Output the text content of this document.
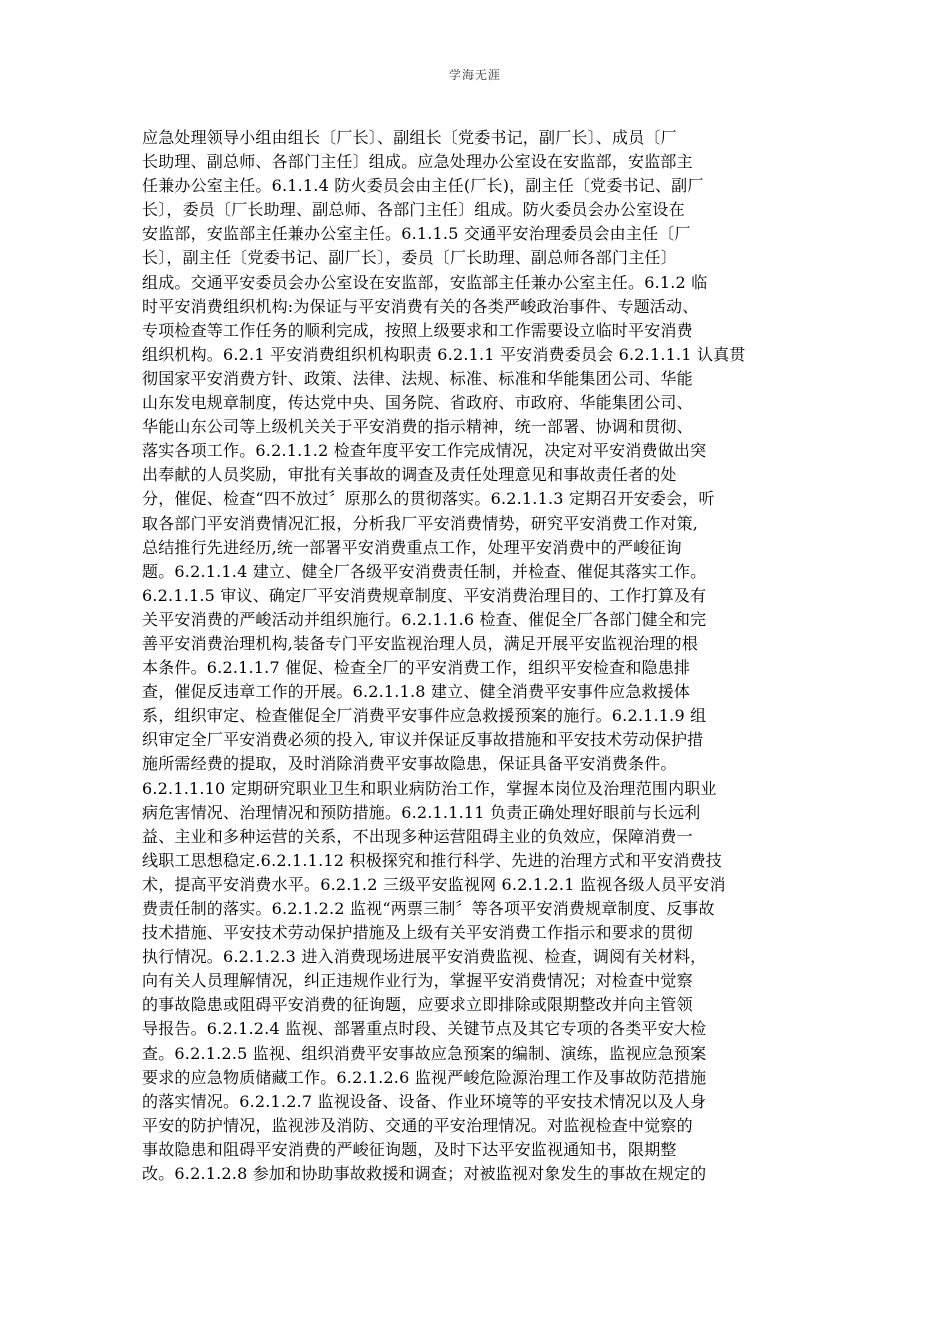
学海无涯
应急处理领导小组由组长〔厂长〕、副组长〔党委书记，副厂长〕、成员〔厂
长助理、副总师、各部门主任〕组成。应急处理办公室设在安监部，安监部主
任兼办公室主任。6.1.1.4 防火委员会由主任(厂长)，副主任〔党委书记、副厂
长〕，委员〔厂长助理、副总师、各部门主任〕组成。防火委员会办公室设在
安监部，安监部主任兼办公室主任。6.1.1.5 交通平安治理委员会由主任〔厂
长〕，副主任〔党委书记、副厂长〕，委员〔厂长助理、副总师各部门主任〕
组成。交通平安委员会办公室设在安监部，安监部主任兼办公室主任。6.1.2 临
时平安消费组织机构:为保证与平安消费有关的各类严峻政治事件、专题活动、
专项检查等工作任务的顺利完成，按照上级要求和工作需要设立临时平安消费
组织机构。6.2.1 平安消费组织机构职责 6.2.1.1 平安消费委员会 6.2.1.1.1 认真贯
彻国家平安消费方针、政策、法律、法规、标准、标准和华能集团公司、华能
山东发电规章制度，传达党中央、国务院、省政府、市政府、华能集团公司、
华能山东公司等上级机关关于平安消费的指示精神，统一部署、协调和贯彻、
落实各项工作。6.2.1.1.2 检查年度平安工作完成情况，决定对平安消费做出突
出奉献的人员奖励，审批有关事故的调查及责任处理意见和事故责任者的处
分，催促、检查“四不放过〞原那么的贯彻落实。6.2.1.1.3 定期召开安委会，听
取各部门平安消费情况汇报，分析我厂平安消费情势，研究平安消费工作对策,
总结推行先进经历,统一部署平安消费重点工作，处理平安消费中的严峻征询
题。6.2.1.1.4 建立、健全厂各级平安消费责任制，并检查、催促其落实工作。
6.2.1.1.5 审议、确定厂平安消费规章制度、平安消费治理目的、工作打算及有
关平安消费的严峻活动并组织施行。6.2.1.1.6 检查、催促全厂各部门健全和完
善平安消费治理机构,装备专门平安监视治理人员，满足开展平安监视治理的根
本条件。6.2.1.1.7 催促、检查全厂的平安消费工作，组织平安检查和隐患排
查，催促反违章工作的开展。6.2.1.1.8 建立、健全消费平安事件应急救援体
系，组织审定、检查催促全厂消费平安事件应急救援预案的施行。6.2.1.1.9 组
织审定全厂平安消费必须的投入, 审议并保证反事故措施和平安技术劳动保护措
施所需经费的提取，及时消除消费平安事故隐患，保证具备平安消费条件。
6.2.1.1.10 定期研究职业卫生和职业病防治工作，掌握本岗位及治理范围内职业
病危害情况、治理情况和预防措施。6.2.1.1.11 负责正确处理好眼前与长远利
益、主业和多种运营的关系，不出现多种运营阻碍主业的负效应，保障消费一
线职工思想稳定.6.2.1.1.12 积极探究和推行科学、先进的治理方式和平安消费技
术，提高平安消费水平。6.2.1.2 三级平安监视网 6.2.1.2.1 监视各级人员平安消
费责任制的落实。6.2.1.2.2 监视“两票三制〞等各项平安消费规章制度、反事故
技术措施、平安技术劳动保护措施及上级有关平安消费工作指示和要求的贯彻
执行情况。6.2.1.2.3 进入消费现场进展平安消费监视、检查，调阅有关材料，
向有关人员理解情况，纠正违规作业行为，掌握平安消费情况；对检查中觉察
的事故隐患或阻碍平安消费的征询题，应要求立即排除或限期整改并向主管领
导报告。6.2.1.2.4 监视、部署重点时段、关键节点及其它专项的各类平安大检
查。6.2.1.2.5 监视、组织消费平安事故应急预案的编制、演练，监视应急预案
要求的应急物质储藏工作。6.2.1.2.6 监视严峻危险源治理工作及事故防范措施
的落实情况。6.2.1.2.7 监视设备、设备、作业环境等的平安技术情况以及人身
平安的防护情况，监视涉及消防、交通的平安治理情况。对监视检查中觉察的
事故隐患和阻碍平安消费的严峻征询题，及时下达平安监视通知书，限期整
改。6.2.1.2.8 参加和协助事故救援和调查；对被监视对象发生的事故在规定的
